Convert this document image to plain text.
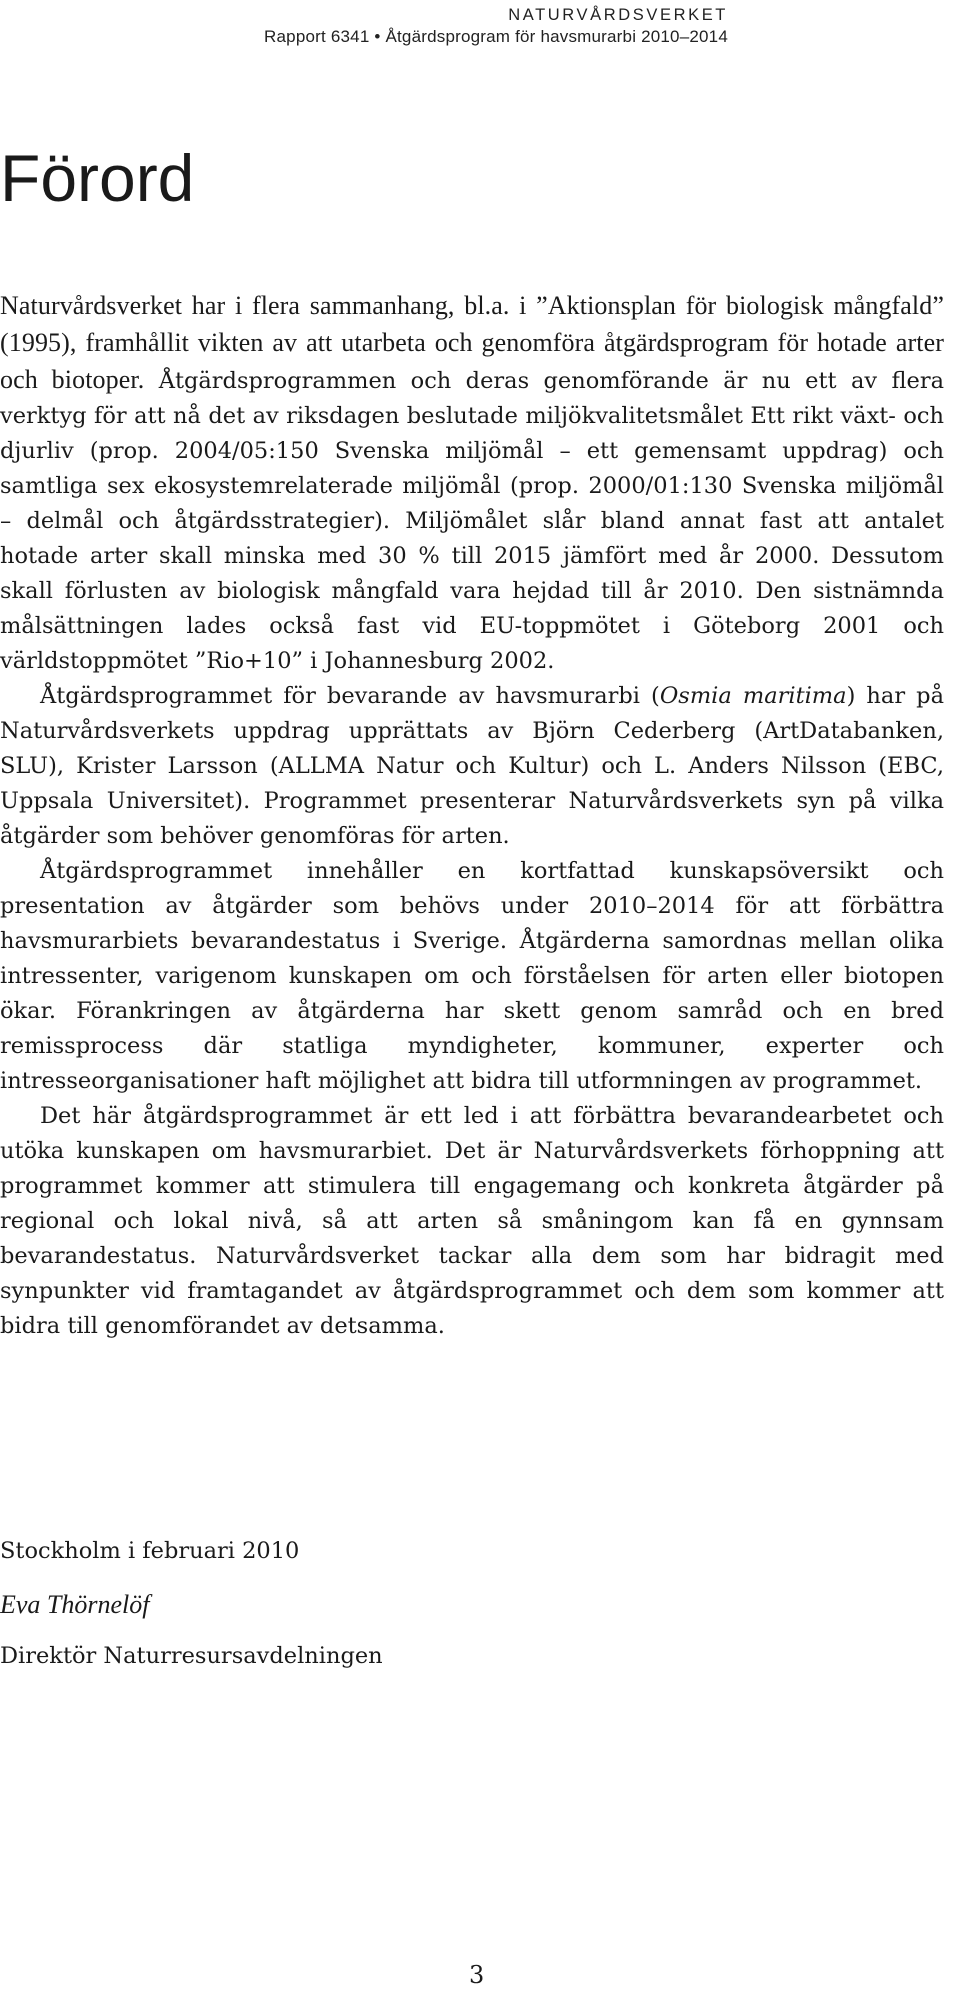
NATURVÅRDSVERKET
Rapport 6341 • Åtgärdsprogram för havsmurarbi 2010–2014
Förord

Naturvårdsverket har i flera sammanhang, bl.a. i ”Aktionsplan för biologisk mångfald” (1995), framhållit vikten av att utarbeta och genomföra åtgärdsprogram för hotade arter och biotoper. Åtgärdsprogrammen och deras genomförande är nu ett av flera verktyg för att nå det av riksdagen beslutade miljökvalitetsmålet Ett rikt växt- och djurliv (prop. 2004/05:150 Svenska miljömål – ett gemensamt uppdrag) och samtliga sex ekosystemrelaterade miljömål (prop. 2000/01:130 Svenska miljömål – delmål och åtgärdsstrategier). Miljömålet slår bland annat fast att antalet hotade arter skall minska med 30 % till 2015 jämfört med år 2000. Dessutom skall förlusten av biologisk mångfald vara hejdad till år 2010. Den sistnämnda målsättningen lades också fast vid EU-toppmötet i Göteborg 2001 och världstoppmötet ”Rio+10” i Johannesburg 2002.

Åtgärdsprogrammet för bevarande av havsmurarbi (Osmia maritima) har på Naturvårdsverkets uppdrag upprättats av Björn Cederberg (ArtDatabanken, SLU), Krister Larsson (ALLMA Natur och Kultur) och L. Anders Nilsson (EBC, Uppsala Universitet). Programmet presenterar Naturvårdsverkets syn på vilka åtgärder som behöver genomföras för arten.

Åtgärdsprogrammet innehåller en kortfattad kunskapsöversikt och presentation av åtgärder som behövs under 2010–2014 för att förbättra havsmurarbiets bevarandestatus i Sverige. Åtgärderna samordnas mellan olika intressenter, varigenom kunskapen om och förståelsen för arten eller biotopen ökar. Förankringen av åtgärderna har skett genom samråd och en bred remissprocess där statliga myndigheter, kommuner, experter och intresseorganisationer haft möjlighet att bidra till utformningen av programmet.

Det här åtgärdsprogrammet är ett led i att förbättra bevarandearbetet och utöka kunskapen om havsmurarbiet. Det är Naturvårdsverkets förhoppning att programmet kommer att stimulera till engagemang och konkreta åtgärder på regional och lokal nivå, så att arten så småningom kan få en gynnsam bevarandestatus. Naturvårdsverket tackar alla dem som har bidragit med synpunkter vid framtagandet av åtgärdsprogrammet och dem som kommer att bidra till genomförandet av detsamma.

Stockholm i februari 2010

Eva Thörnelöf

Direktör Naturresursavdelningen

3
